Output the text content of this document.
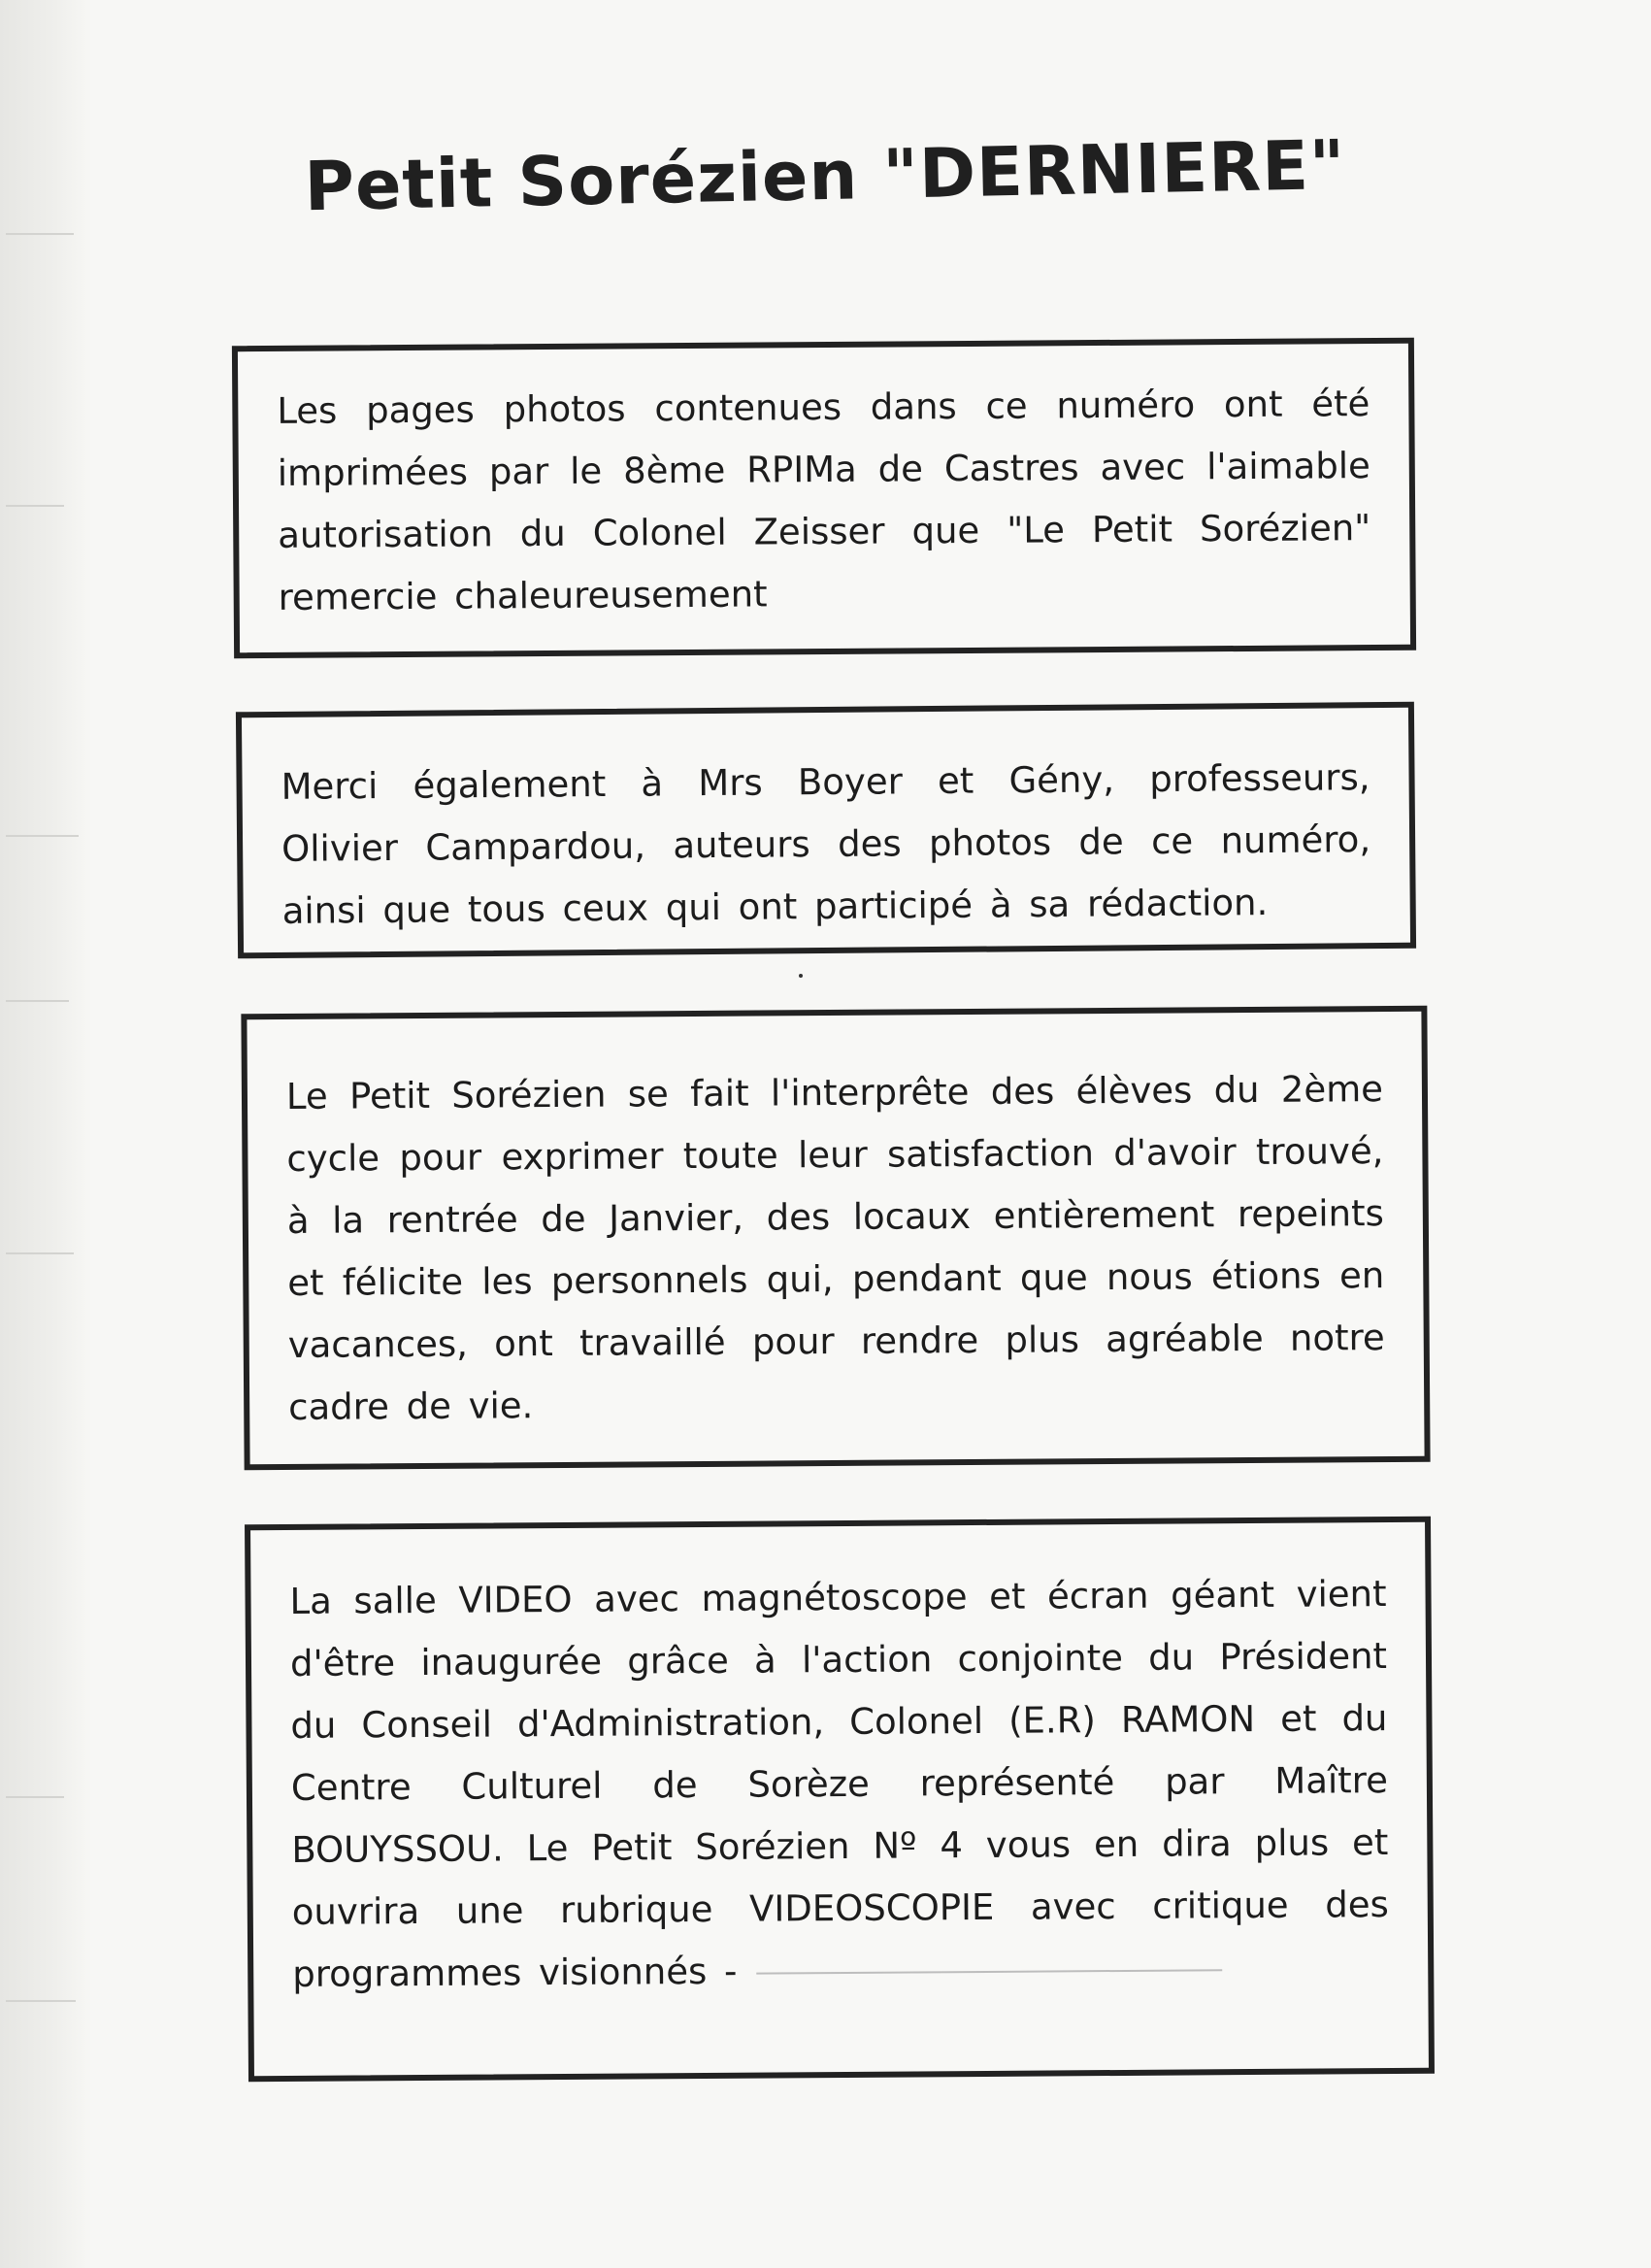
Petit Sorézien "DERNIERE"

Les pages photos contenues dans ce numéro ont été imprimées par le 8ème RPIMa de Castres avec l'aimable autorisation du Colonel Zeisser que "Le Petit Sorézien" remercie chaleureusement

Merci également à Mrs Boyer et Gény, professeurs, Olivier Campardou, auteurs des photos de ce numéro, ainsi que tous ceux qui ont participé à sa rédaction.

Le Petit Sorézien se fait l'interprête des élèves du 2ème cycle pour exprimer toute leur satisfaction d'avoir trouvé, à la rentrée de Janvier, des locaux entièrement repeints et félicite les personnels qui, pendant que nous étions en vacances, ont travaillé pour rendre plus agréable notre cadre de vie.

La salle VIDEO avec magnétoscope et écran géant vient d'être inaugurée grâce à l'action conjointe du Président du Conseil d'Administration, Colonel (E.R) RAMON et du Centre Culturel de Sorèze représenté par Maître BOUYSSOU. Le Petit Sorézien Nº 4 vous en dira plus et ouvrira une rubrique VIDEOSCOPIE avec critique des programmes visionnés -
